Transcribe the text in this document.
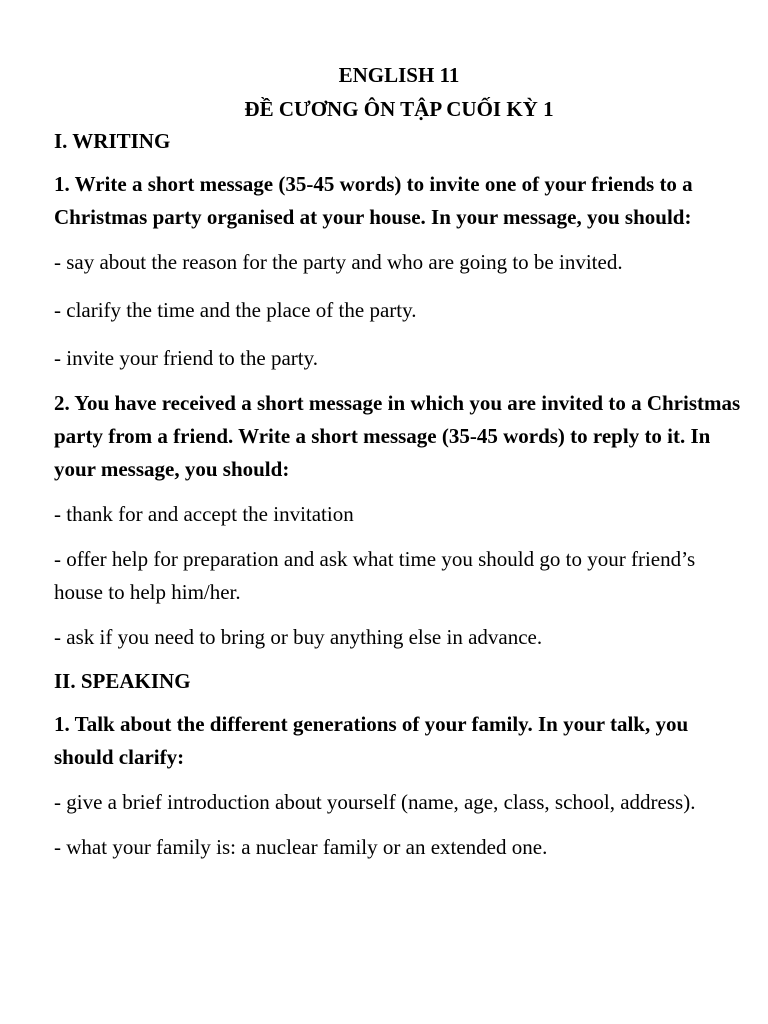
ENGLISH 11

ĐỀ CƯƠNG ÔN TẬP CUỐI KỲ 1

I. WRITING

1. Write a short message (35-45 words) to invite one of your friends to a Christmas party organised at your house. In your message, you should:

- say about the reason for the party and who are going to be invited.

- clarify the time and the place of the party.

- invite your friend to the party.

2. You have received a short message in which you are invited to a Christmas party from a friend. Write a short message (35-45 words) to reply to it. In your message, you should:

- thank for and accept the invitation

- offer help for preparation and ask what time you should go to your friend’s house to help him/her.

- ask if you need to bring or buy anything else in advance.

II. SPEAKING

1. Talk about the different generations of your family. In your talk, you should clarify:

- give a brief introduction about yourself (name, age, class, school, address).

- what your family is: a nuclear family or an extended one.
